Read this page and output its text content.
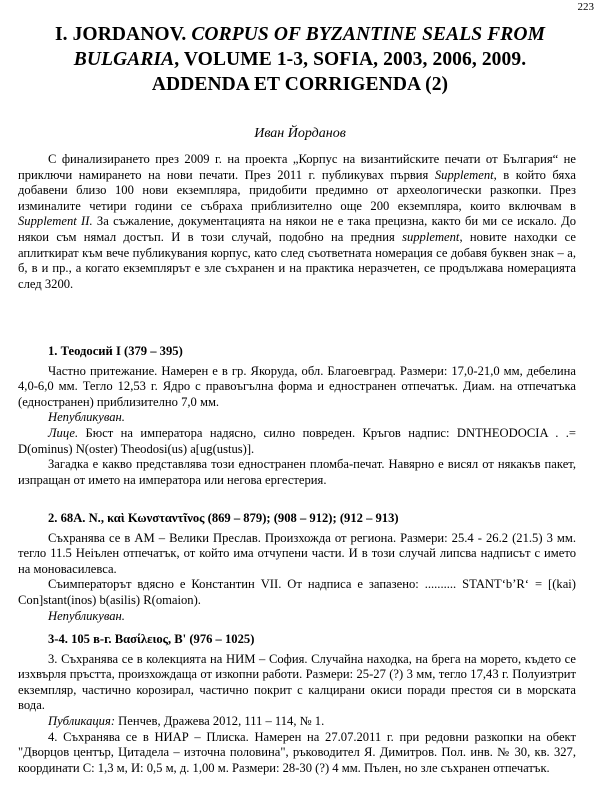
223
I. JORDANOV. CORPUS OF BYZANTINE SEALS FROM
BULGARIA, VOLUME 1-3, SOFIA, 2003, 2006, 2009.
ADDENDA ET CORRIGENDA (2)
Иван Йорданов

С финализирането през 2009 г. на проекта „Корпус на византийските печати от България“ не приключи намирането на нови печати. През 2011 г. публикувах първия Supplement, в който бяха добавени близо 100 нови екземпляра, придобити предимно от археологически разкопки. През изминалите четири години се събраха приблизително още 200 екземпляра, които включвам в Supplement II. За съжаление, документацията на някои не е така прецизна, както би ми се искало. До някои съм нямал достъп. И в този случай, подобно на предния supplement, новите находки се аплиткират към вече публикувания корпус, като след съответната номерация се добавя буквен знак – а, б, в и пр., а когато екземплярът е зле съхранен и на практика неразчетен, се продължава номерацията след 3200.

1. Теодосий I (379 – 395)

Частно притежание. Намерен е в гр. Якоруда, обл. Благоевград. Размери: 17,0-21,0 мм, дебелина 4,0-6,0 мм. Тегло 12,53 г. Ядро с правоъгълна форма и едностранен отпечатък. Диам. на отпечатъка (едностранен) приблизително 7,0 мм.

Непубликуван.

Лице. Бюст на императора надясно, силно повреден. Кръгов надпис: DNTHEODOCIA . .= D(ominus) N(oster) Theodosi(us) a[ug(ustus)].

Загадка е какво представлява този едностранен пломба-печат. Навярно е висял от някакъв пакет, изпращан от името на императора или негова ергестерия.

2. 68А. N., καὶ Κωνσταντῖνος (869 – 879); (908 – 912); (912 – 913)

Съхранява се в АМ – Велики Преслав. Произхожда от региона. Размери: 25.4 - 26.2 (21.5) 3 мм. тегло 11.5 Неiълен отпечатък, от който има отчупени части. И в този случай липсва надписът с името на моновасилевса.

Съимператорът вдясно е Константин VII. От надписа е запазено: .......... STANT‘b’R‘ = [(kai) Con]stant(inos) b(asilis) R(omaion).

Непубликуван.

3-4. 105 в-г. Βασίλειος, Β' (976 – 1025)

3. Съхранява се в колекцията на НИМ – София. Случайна находка, на брега на морето, където се изхвърля пръстта, произхождаща от изкопни работи. Размери: 25-27 (?) 3 мм, тегло 17,43 г. Полуизтрит екземпляр, частично корозирал, частично покрит с калцирани окиси поради престоя си в морската вода.

Публикация: Пенчев, Дражева 2012, 111 – 114, № 1.

4. Съхранява се в НИАР – Плиска. Намерен на 27.07.2011 г. при редовни разкопки на обект "Дворцов център, Цитадела – източна половина", ръководител Я. Димитров. Пол. инв. № 30, кв. 327, координати С: 1,3 м, И: 0,5 м, д. 1,00 м. Размери: 28-30 (?) 4 мм. Пълен, но зле съхранен отпечатък.
